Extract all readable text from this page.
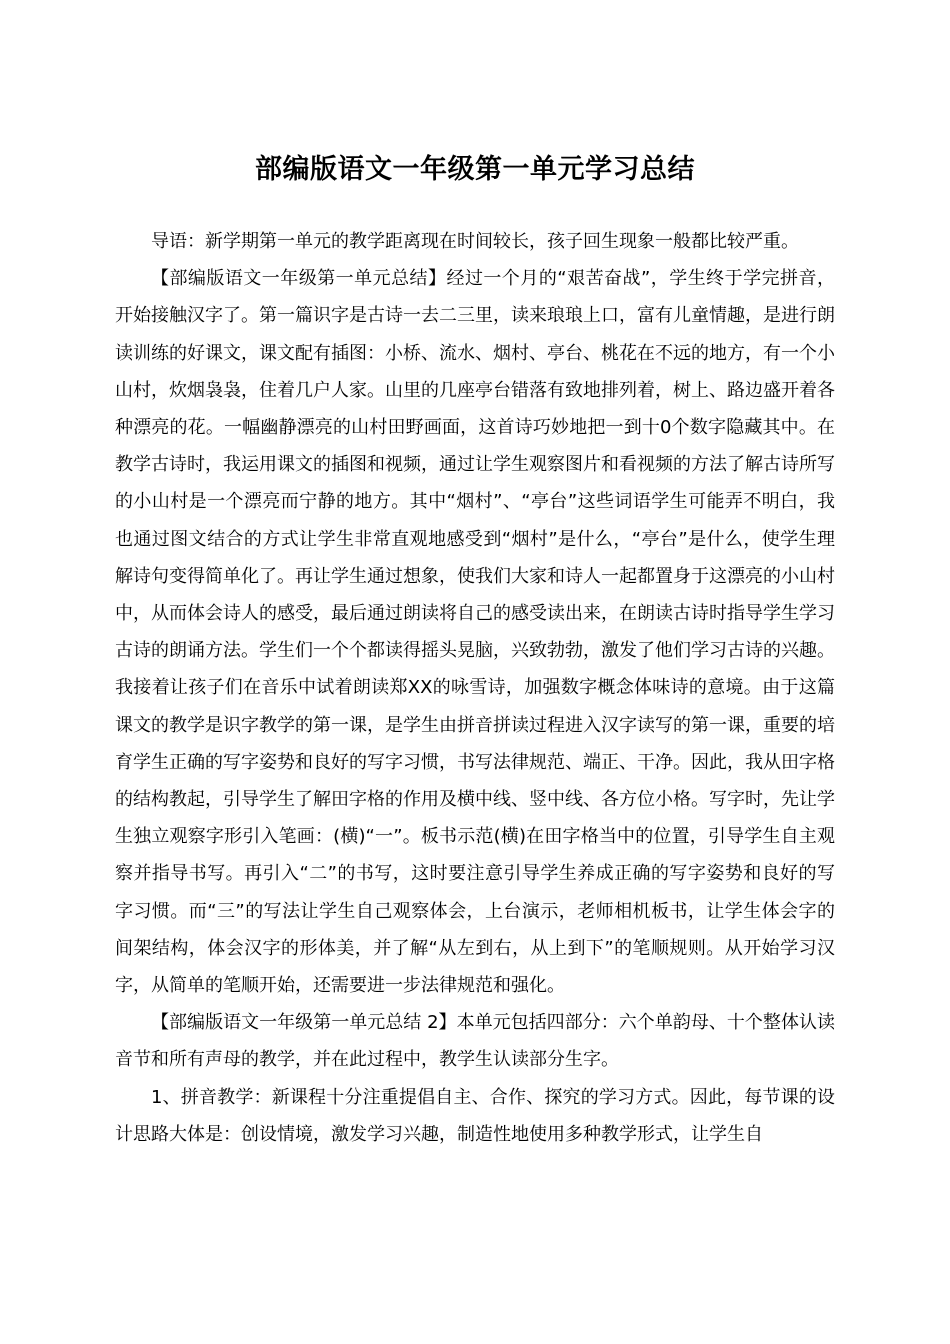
部编版语文一年级第一单元学习总结

导语：新学期第一单元的教学距离现在时间较长，孩子回生现象一般都比较严重。

【部编版语文一年级第一单元总结】经过一个月的“艰苦奋战”，学生终于学完拼音，开始接触汉字了。第一篇识字是古诗一去二三里，读来琅琅上口，富有儿童情趣，是进行朗读训练的好课文，课文配有插图：小桥、流水、烟村、亭台、桃花在不远的地方，有一个小山村，炊烟袅袅，住着几户人家。山里的几座亭台错落有致地排列着，树上、路边盛开着各种漂亮的花。一幅幽静漂亮的山村田野画面，这首诗巧妙地把一到十0个数字隐藏其中。在教学古诗时，我运用课文的插图和视频，通过让学生观察图片和看视频的方法了解古诗所写的小山村是一个漂亮而宁静的地方。其中“烟村”、“亭台”这些词语学生可能弄不明白，我也通过图文结合的方式让学生非常直观地感受到“烟村”是什么，“亭台”是什么，使学生理解诗句变得简单化了。再让学生通过想象，使我们大家和诗人一起都置身于这漂亮的小山村中，从而体会诗人的感受，最后通过朗读将自己的感受读出来，在朗读古诗时指导学生学习古诗的朗诵方法。学生们一个个都读得摇头晃脑，兴致勃勃，激发了他们学习古诗的兴趣。我接着让孩子们在音乐中试着朗读郑XX的咏雪诗，加强数字概念体味诗的意境。由于这篇课文的教学是识字教学的第一课，是学生由拼音拼读过程进入汉字读写的第一课，重要的培育学生正确的写字姿势和良好的写字习惯，书写法律规范、端正、干净。因此，我从田字格的结构教起，引导学生了解田字格的作用及横中线、竖中线、各方位小格。写字时，先让学生独立观察字形引入笔画：(横)“一”。板书示范(横)在田字格当中的位置，引导学生自主观察并指导书写。再引入“二”的书写，这时要注意引导学生养成正确的写字姿势和良好的写字习惯。而“三”的写法让学生自己观察体会，上台演示，老师相机板书，让学生体会字的间架结构，体会汉字的形体美，并了解“从左到右，从上到下”的笔顺规则。从开始学习汉字，从简单的笔顺开始，还需要进一步法律规范和强化。

【部编版语文一年级第一单元总结 2】本单元包括四部分：六个单韵母、十个整体认读音节和所有声母的教学，并在此过程中，教学生认读部分生字。

1、拼音教学：新课程十分注重提倡自主、合作、探究的学习方式。因此，每节课的设计思路大体是：创设情境，激发学习兴趣，制造性地使用多种教学形式，让学生自
